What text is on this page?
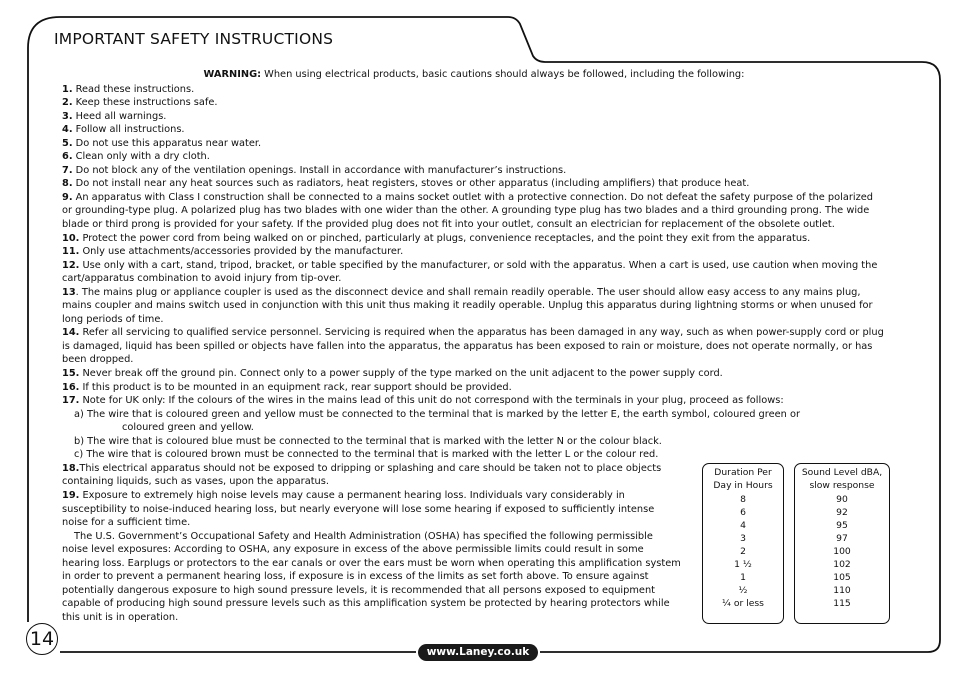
IMPORTANT SAFETY INSTRUCTIONS

WARNING: When using electrical products, basic cautions should always be followed, including the following:

1. Read these instructions.

2. Keep these instructions safe.

3. Heed all warnings.

4. Follow all instructions.

5. Do not use this apparatus near water.

6. Clean only with a dry cloth.

7. Do not block any of the ventilation openings. Install in accordance with manufacturer’s instructions.

8. Do not install near any heat sources such as radiators, heat registers, stoves or other apparatus (including amplifiers) that produce heat.

9. An apparatus with Class I construction shall be connected to a mains socket outlet with a protective connection. Do not defeat the safety purpose of the polarized or grounding-type plug. A polarized plug has two blades with one wider than the other. A grounding type plug has two blades and a third grounding prong. The wide blade or third prong is provided for your safety. If the provided plug does not fit into your outlet, consult an electrician for replacement of the obsolete outlet.

10. Protect the power cord from being walked on or pinched, particularly at plugs, convenience receptacles, and the point they exit from the apparatus.

11. Only use attachments/accessories provided by the manufacturer.

12. Use only with a cart, stand, tripod, bracket, or table specified by the manufacturer, or sold with the apparatus. When a cart is used, use caution when moving the cart/apparatus combination to avoid injury from tip-over.

13. The mains plug or appliance coupler is used as the disconnect device and shall remain readily operable. The user should allow easy access to any mains plug, mains coupler and mains switch used in conjunction with this unit thus making it readily operable. Unplug this apparatus during lightning storms or when unused for long periods of time.

14. Refer all servicing to qualified service personnel. Servicing is required when the apparatus has been damaged in any way, such as when power-supply cord or plug is damaged, liquid has been spilled or objects have fallen into the apparatus, the apparatus has been exposed to rain or moisture, does not operate normally, or has been dropped.

15. Never break off the ground pin. Connect only to a power supply of the type marked on the unit adjacent to the power supply cord.

16. If this product is to be mounted in an equipment rack, rear support should be provided.

17. Note for UK only: If the colours of the wires in the mains lead of this unit do not correspond with the terminals in your plug, proceed as follows:

a) The wire that is coloured green and yellow must be connected to the terminal that is marked by the letter E, the earth symbol, coloured green or

coloured green and yellow.

b) The wire that is coloured blue must be connected to the terminal that is marked with the letter N or the colour black.

c) The wire that is coloured brown must be connected to the terminal that is marked with the letter L or the colour red.

18.This electrical apparatus should not be exposed to dripping or splashing and care should be taken not to place objects containing liquids, such as vases, upon the apparatus.

19. Exposure to extremely high noise levels may cause a permanent hearing loss. Individuals vary considerably in susceptibility to noise-induced hearing loss, but nearly everyone will lose some hearing if exposed to sufficiently intense noise for a sufficient time.

The U.S. Government’s Occupational Safety and Health Administration (OSHA) has specified the following permissible noise level exposures: According to OSHA, any exposure in excess of the above permissible limits could result in some hearing loss. Earplugs or protectors to the ear canals or over the ears must be worn when operating this amplification system in order to prevent a permanent hearing loss, if exposure is in excess of the limits as set forth above. To ensure against potentially dangerous exposure to high sound pressure levels, it is recommended that all persons exposed to equipment capable of producing high sound pressure levels such as this amplification system be protected by hearing protectors while this unit is in operation.

Duration Per
Day in Hours
8
6
4
3
2
1 ½
1
½
¼ or less
Sound Level dBA,
slow response
90
92
95
97
100
102
105
110
115
14
www.Laney.co.uk
